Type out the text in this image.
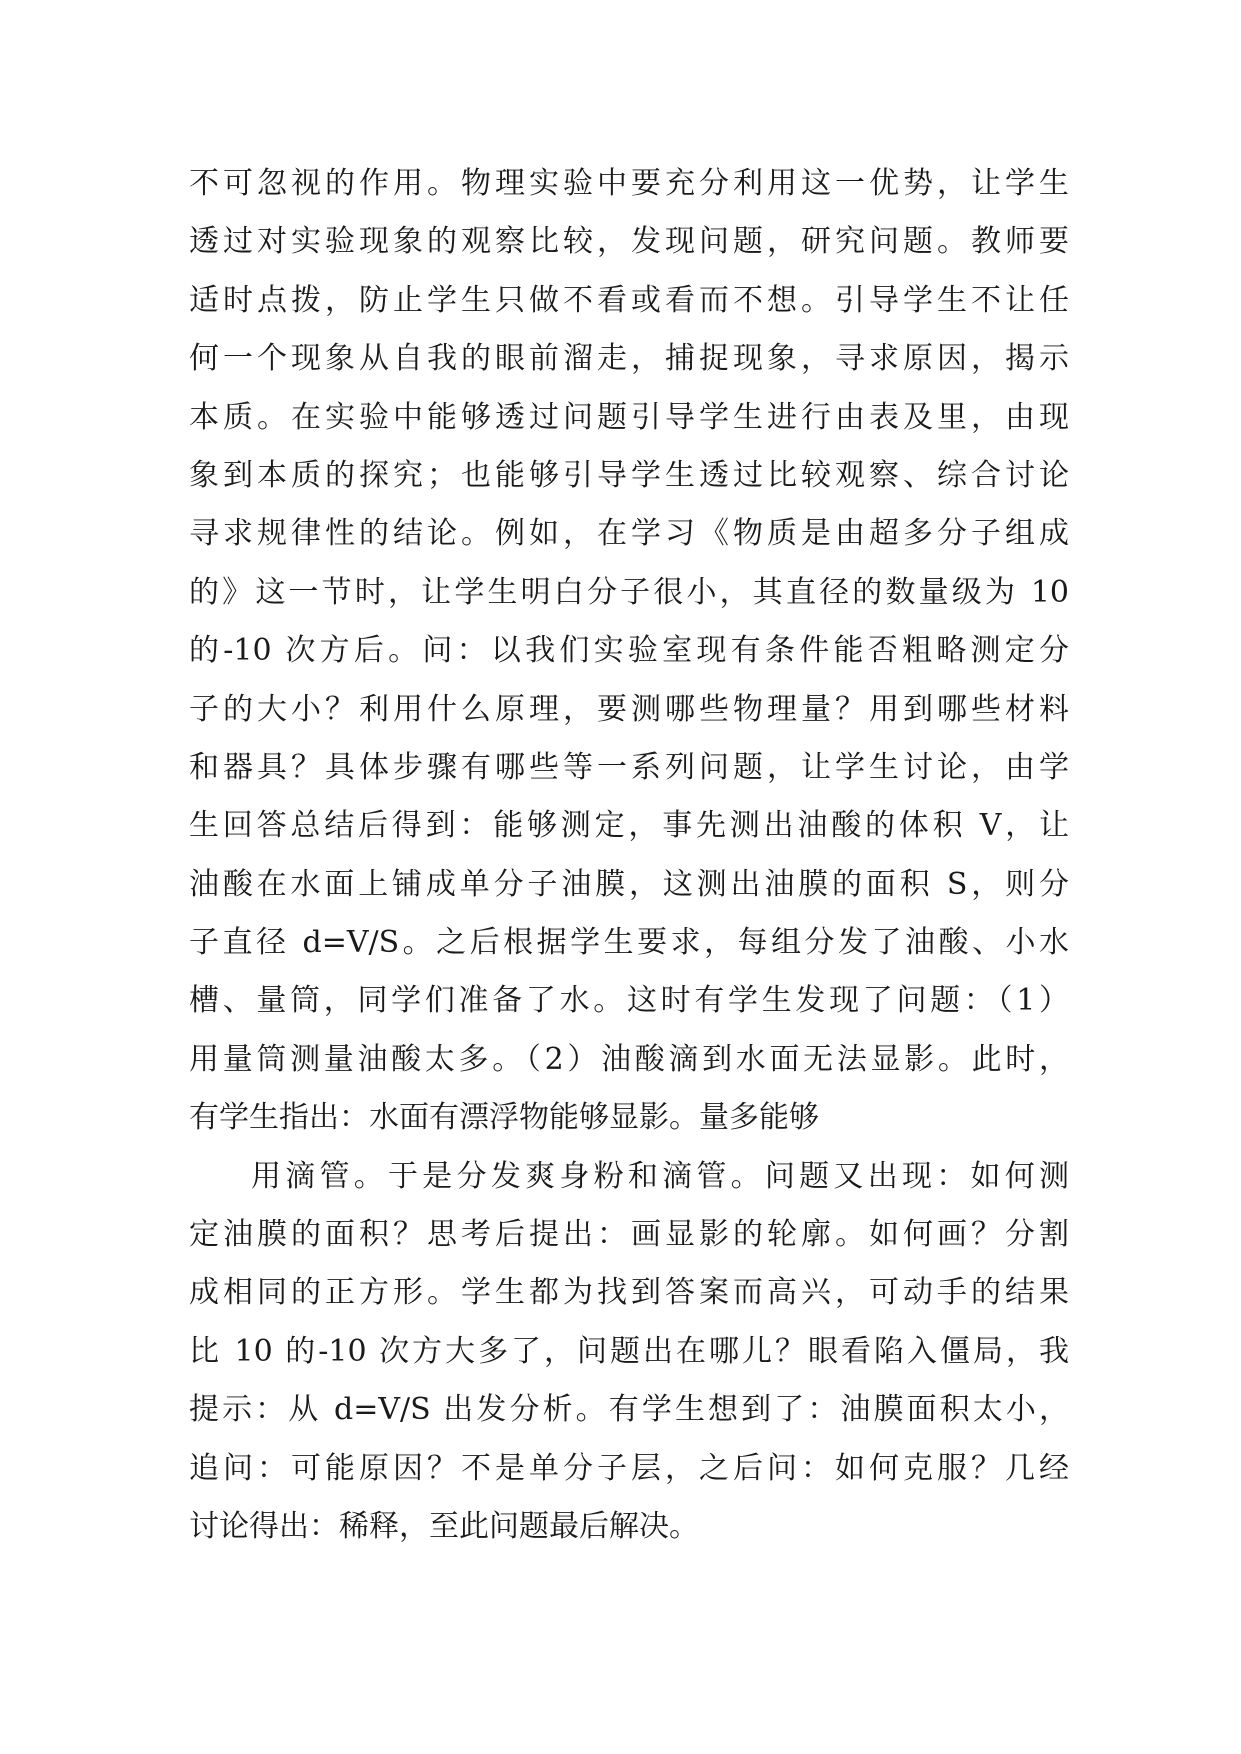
不可忽视的作用。物理实验中要充分利用这一优势，让学生
透过对实验现象的观察比较，发现问题，研究问题。教师要
适时点拨，防止学生只做不看或看而不想。引导学生不让任
何一个现象从自我的眼前溜走，捕捉现象，寻求原因，揭示
本质。在实验中能够透过问题引导学生进行由表及里，由现
象到本质的探究；也能够引导学生透过比较观察、综合讨论
寻求规律性的结论。例如，在学习《物质是由超多分子组成
的》这一节时，让学生明白分子很小，其直径的数量级为 10
的-10 次方后。问：以我们实验室现有条件能否粗略测定分
子的大小？利用什么原理，要测哪些物理量？用到哪些材料
和器具？具体步骤有哪些等一系列问题，让学生讨论，由学
生回答总结后得到：能够测定，事先测出油酸的体积 V，让
油酸在水面上铺成单分子油膜，这测出油膜的面积 S，则分
子直径 d=V/S。之后根据学生要求，每组分发了油酸、小水
槽、量筒，同学们准备了水。这时有学生发现了问题：（1）
用量筒测量油酸太多。（2）油酸滴到水面无法显影。此时，
有学生指出：水面有漂浮物能够显影。量多能够
用滴管。于是分发爽身粉和滴管。问题又出现：如何测
定油膜的面积？思考后提出：画显影的轮廓。如何画？分割
成相同的正方形。学生都为找到答案而高兴，可动手的结果
比 10 的-10 次方大多了，问题出在哪儿？眼看陷入僵局，我
提示：从 d=V/S 出发分析。有学生想到了：油膜面积太小，
追问：可能原因？不是单分子层，之后问：如何克服？几经
讨论得出：稀释，至此问题最后解决。
